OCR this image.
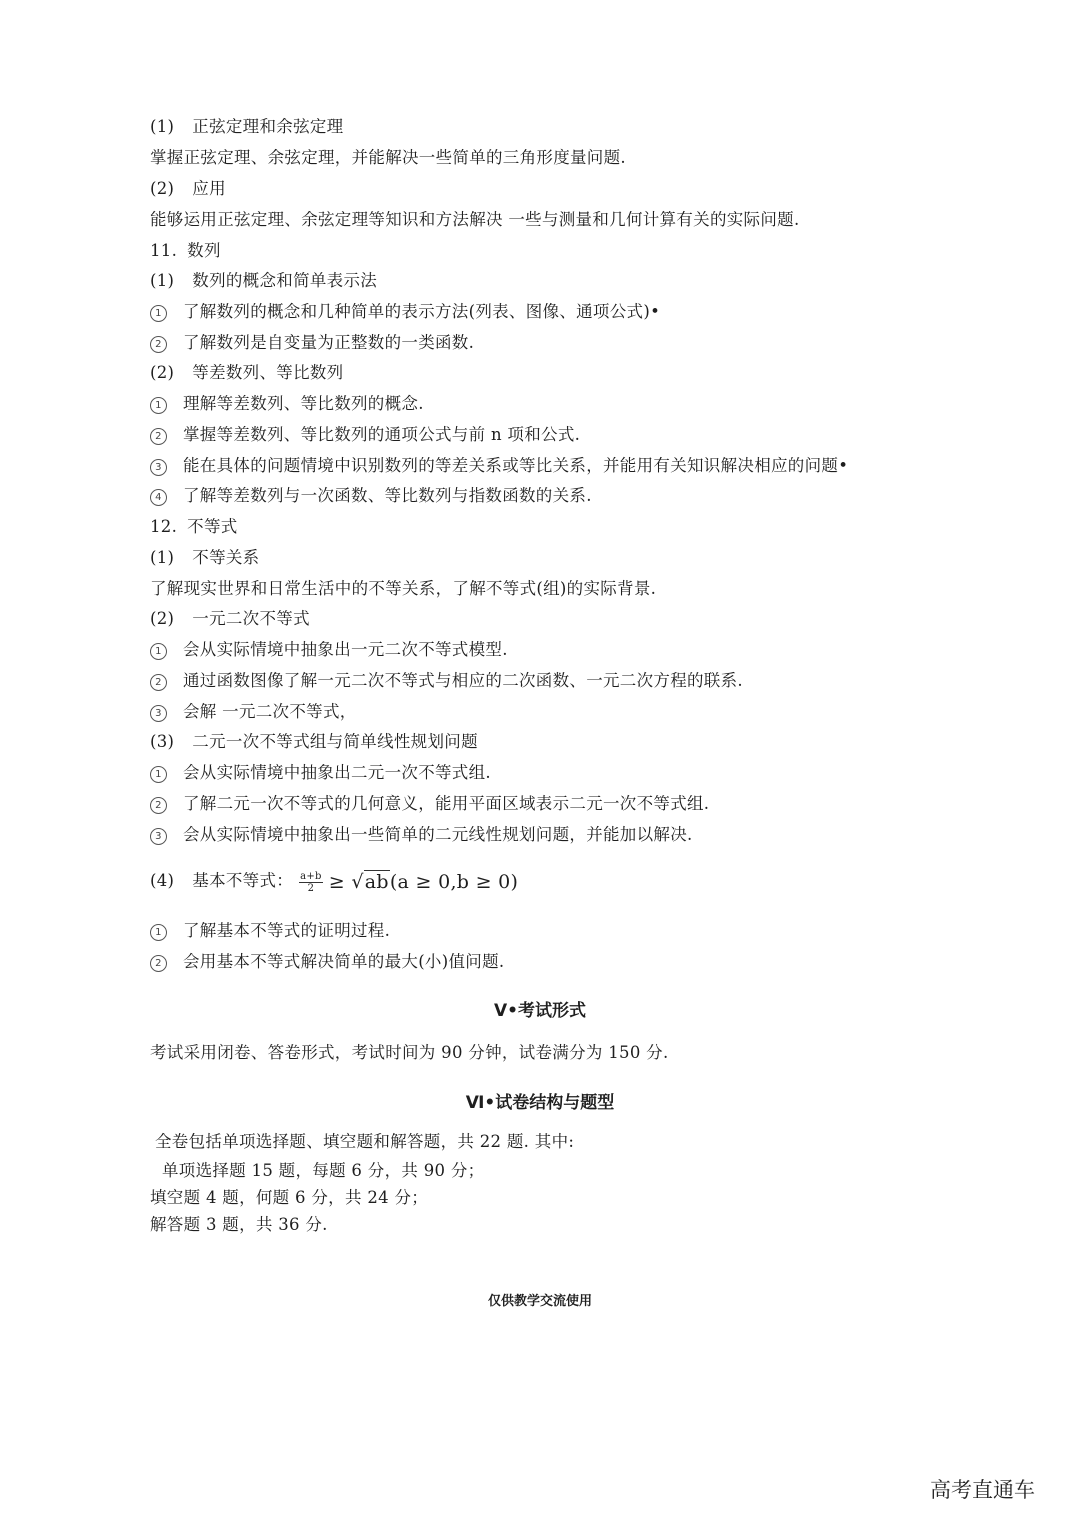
(1) 正弦定理和余弦定理
掌握正弦定理、余弦定理，并能解决一些简单的三角形度量问题.
(2) 应用
能够运用正弦定理、余弦定理等知识和方法解决 一些与测量和几何计算有关的实际问题.
11. 数列
(1) 数列的概念和简单表示法
1 了解数列的概念和几种简单的表示方法(列表、图像、通项公式)•
2 了解数列是自变量为正整数的一类函数.
(2) 等差数列、等比数列
1 理解等差数列、等比数列的概念.
2 掌握等差数列、等比数列的通项公式与前 n 项和公式.
3 能在具体的问题情境中识别数列的等差关系或等比关系，并能用有关知识解决相应的问题•
4 了解等差数列与一次函数、等比数列与指数函数的关系.
12. 不等式
(1) 不等关系
了解现实世界和日常生活中的不等关系，了解不等式(组)的实际背景.
(2) 一元二次不等式
1 会从实际情境中抽象出一元二次不等式模型.
2 通过函数图像了解一元二次不等式与相应的二次函数、一元二次方程的联系.
3 会解 一元二次不等式，
(3) 二元一次不等式组与简单线性规划问题
1 会从实际情境中抽象出二元一次不等式组.
2 了解二元一次不等式的几何意义，能用平面区域表示二元一次不等式组.
3 会从实际情境中抽象出一些简单的二元线性规划问题，并能加以解决.
(4) 基本不等式： $\frac{a+b}{2} \ge √ab(a \ge 0,b \ge 0)$
1 了解基本不等式的证明过程.
2 会用基本不等式解决简单的最大(小)值问题.
Ⅴ•考试形式
考试采用闭卷、答卷形式，考试时间为 90 分钟，试卷满分为 150 分.
Ⅵ•试卷结构与题型
全卷包括单项选择题、填空题和解答题，共 22 题. 其中:
单项选择题 15 题，每题 6 分，共 90 分；
填空题 4 题，何题 6 分，共 24 分；
解答题 3 题，共 36 分.
仅供教学交流使用
高考直通车
